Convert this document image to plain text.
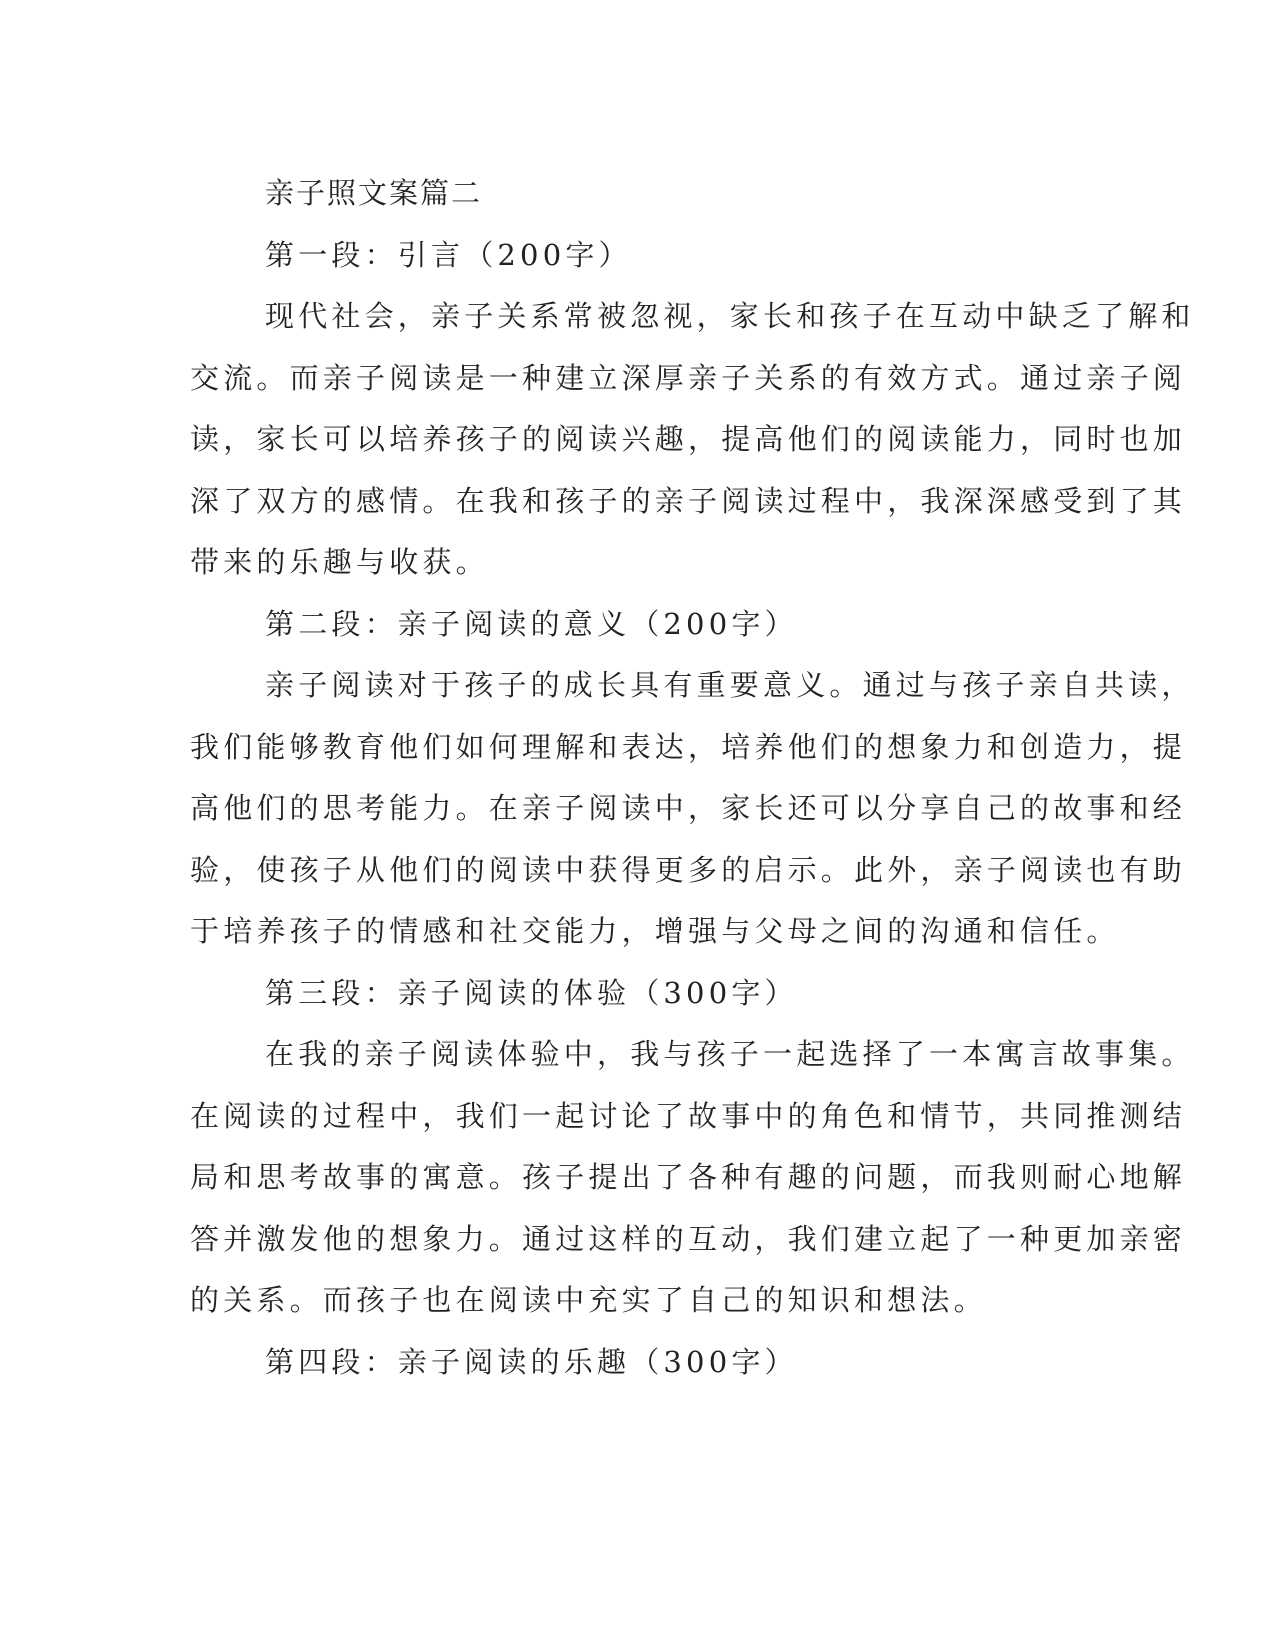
亲子照文案篇二
第一段：引言（200字）
现代社会，亲子关系常被忽视，家长和孩子在互动中缺乏了解和
交流。而亲子阅读是一种建立深厚亲子关系的有效方式。通过亲子阅
读，家长可以培养孩子的阅读兴趣，提高他们的阅读能力，同时也加
深了双方的感情。在我和孩子的亲子阅读过程中，我深深感受到了其
带来的乐趣与收获。
第二段：亲子阅读的意义（200字）
亲子阅读对于孩子的成长具有重要意义。通过与孩子亲自共读，
我们能够教育他们如何理解和表达，培养他们的想象力和创造力，提
高他们的思考能力。在亲子阅读中，家长还可以分享自己的故事和经
验，使孩子从他们的阅读中获得更多的启示。此外，亲子阅读也有助
于培养孩子的情感和社交能力，增强与父母之间的沟通和信任。
第三段：亲子阅读的体验（300字）
在我的亲子阅读体验中，我与孩子一起选择了一本寓言故事集。
在阅读的过程中，我们一起讨论了故事中的角色和情节，共同推测结
局和思考故事的寓意。孩子提出了各种有趣的问题，而我则耐心地解
答并激发他的想象力。通过这样的互动，我们建立起了一种更加亲密
的关系。而孩子也在阅读中充实了自己的知识和想法。
第四段：亲子阅读的乐趣（300字）
